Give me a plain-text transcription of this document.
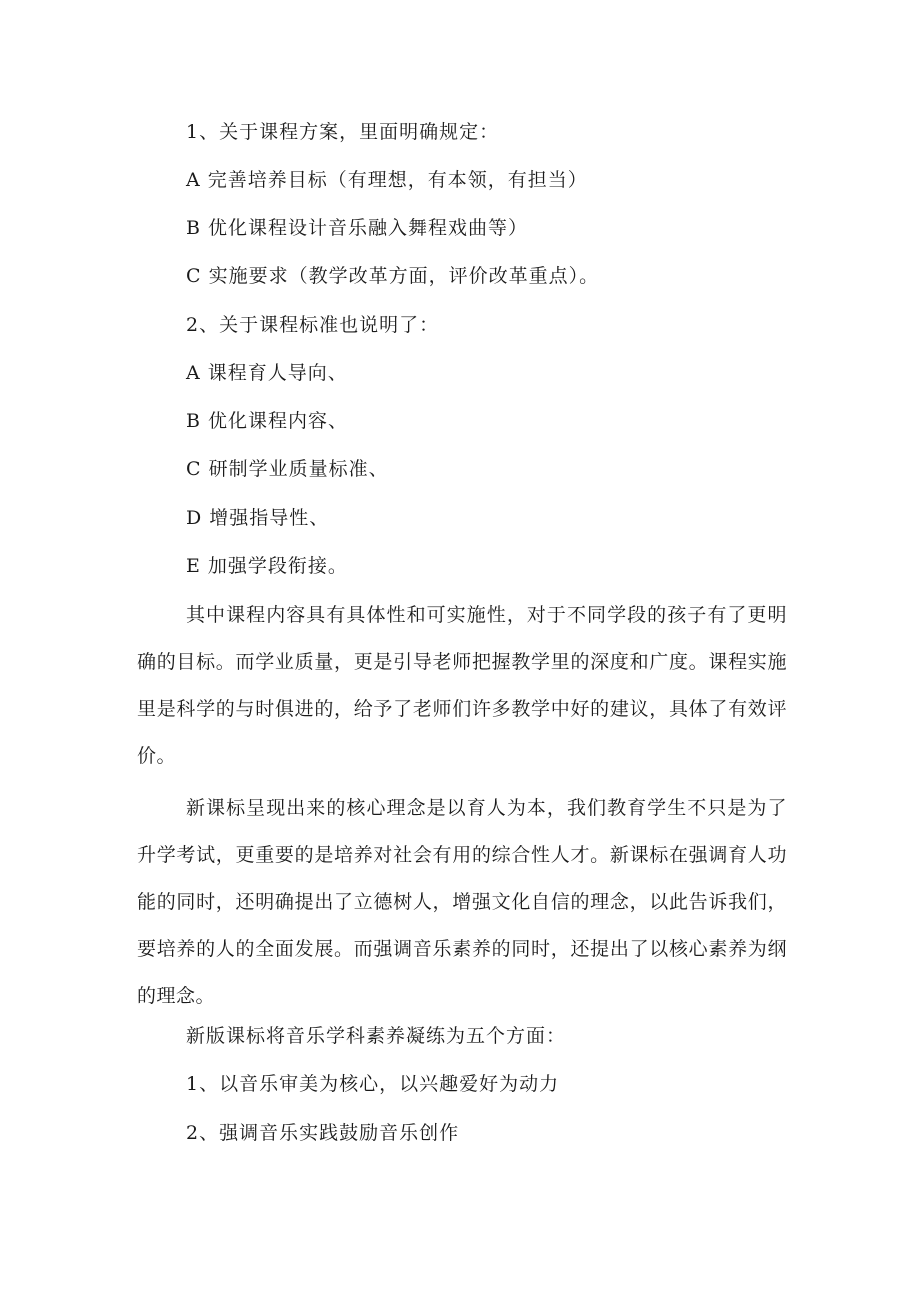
1、关于课程方案，里面明确规定：
A 完善培养目标（有理想，有本领，有担当）
B 优化课程设计音乐融入舞程戏曲等）
C 实施要求（教学改革方面，评价改革重点）。
2、关于课程标准也说明了：
A 课程育人导向、
B 优化课程内容、
C 研制学业质量标准、
D 增强指导性、
E 加强学段衔接。
其中课程内容具有具体性和可实施性，对于不同学段的孩子有了更明确的目标。而学业质量，更是引导老师把握教学里的深度和广度。课程实施里是科学的与时俱进的，给予了老师们许多教学中好的建议，具体了有效评价。
新课标呈现出来的核心理念是以育人为本，我们教育学生不只是为了升学考试，更重要的是培养对社会有用的综合性人才。新课标在强调育人功能的同时，还明确提出了立德树人，增强文化自信的理念，以此告诉我们，要培养的人的全面发展。而强调音乐素养的同时，还提出了以核心素养为纲的理念。
新版课标将音乐学科素养凝练为五个方面：
1、以音乐审美为核心，以兴趣爱好为动力
2、强调音乐实践鼓励音乐创作
